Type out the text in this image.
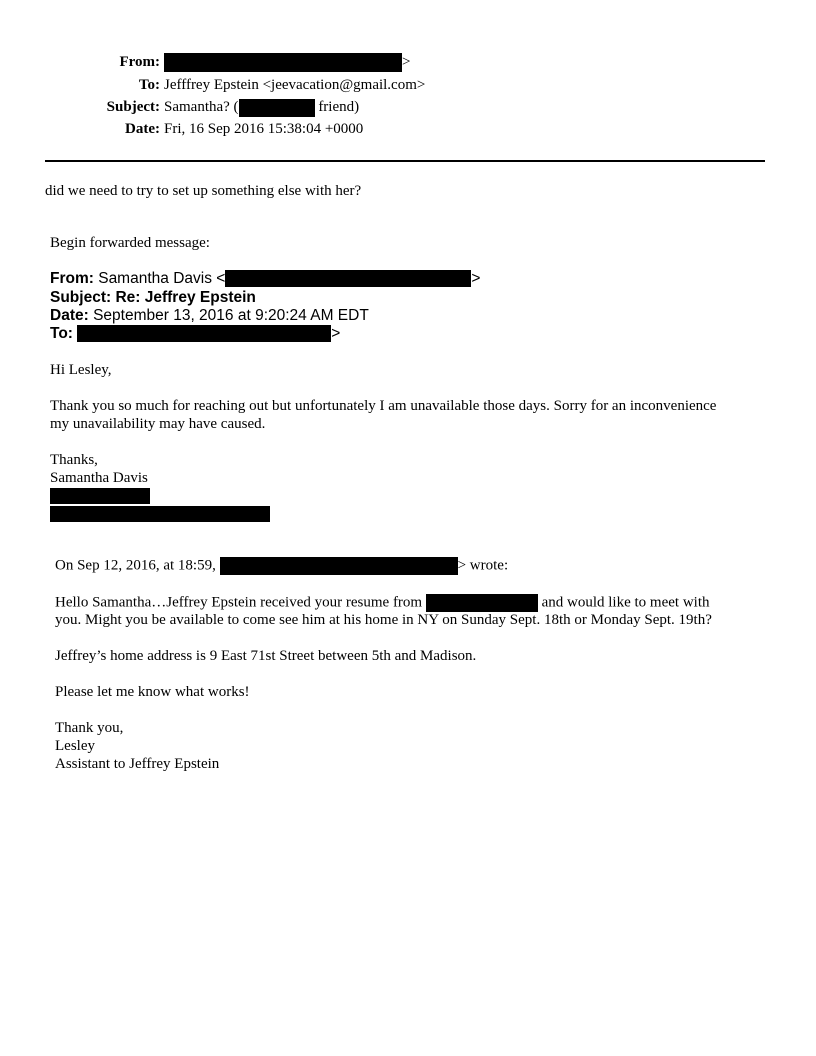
From:	>
To: Jefffrey Epstein <jeevacation@gmail.com>
Subject: Samantha? (	friend)
Date: Fri, 16 Sep 2016 15:38:04 +0000
did we need to try to set up something else with her?
Begin forwarded message:
From: Samantha Davis <	>
Subject: Re: Jeffrey Epstein
Date: September 13, 2016 at 9:20:24 AM EDT
To:	>
Hi Lesley,
Thank you so much for reaching out but unfortunately I am unavailable those days. Sorry for an inconvenience
my unavailability may have caused.
Thanks,
Samantha Davis
On Sep 12, 2016, at 18:59,	> wrote:
Hello Samantha…Jeffrey Epstein received your resume from	and would like to meet with
you. Might you be available to come see him at his home in NY on Sunday Sept. 18th or Monday Sept. 19th?
Jeffrey’s home address is 9 East 71st Street between 5th and Madison.
Please let me know what works!
Thank you,
Lesley
Assistant to Jeffrey Epstein
